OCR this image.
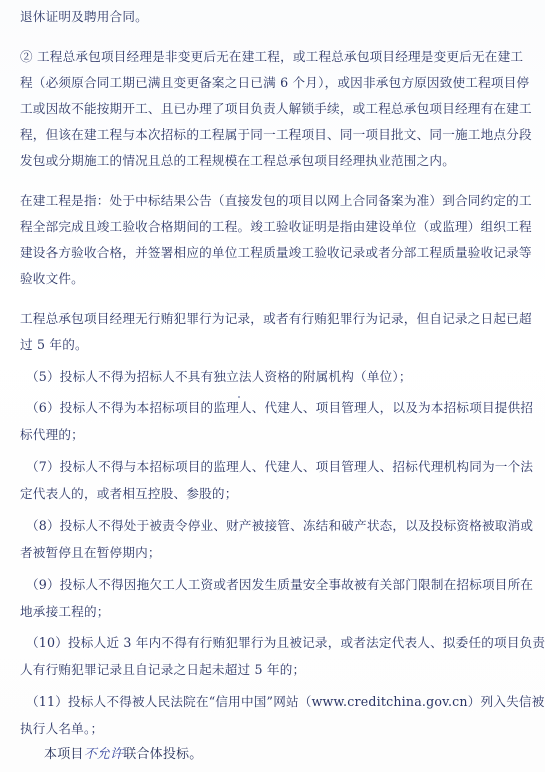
退休证明及聘用合同。
② 工程总承包项目经理是非变更后无在建工程，或工程总承包项目经理是变更后无在建工
程（必须原合同工期已满且变更备案之日已满 6 个月），或因非承包方原因致使工程项目停
工或因故不能按期开工、且已办理了项目负责人解锁手续，或工程总承包项目经理有在建工
程，但该在建工程与本次招标的工程属于同一工程项目、同一项目批文、同一施工地点分段
发包或分期施工的情况且总的工程规模在工程总承包项目经理执业范围之内。
在建工程是指：处于中标结果公告（直接发包的项目以网上合同备案为准）到合同约定的工
程全部完成且竣工验收合格期间的工程。竣工验收证明是指由建设单位（或监理）组织工程
建设各方验收合格，并签署相应的单位工程质量竣工验收记录或者分部工程质量验收记录等
验收文件。
工程总承包项目经理无行贿犯罪行为记录，或者有行贿犯罪行为记录，但自记录之日起已超
过 5 年的。
（5）投标人不得为招标人不具有独立法人资格的附属机构（单位）；
（6）投标人不得为本招标项目的监理人、代建人、项目管理人，以及为本招标项目提供招
标代理的；
（7）投标人不得与本招标项目的监理人、代建人、项目管理人、招标代理机构同为一个法
定代表人的，或者相互控股、参股的；
（8）投标人不得处于被责令停业、财产被接管、冻结和破产状态，以及投标资格被取消或
者被暂停且在暂停期内；
（9）投标人不得因拖欠工人工资或者因发生质量安全事故被有关部门限制在招标项目所在
地承接工程的；
（10）投标人近 3 年内不得有行贿犯罪行为且被记录，或者法定代表人、拟委任的项目负责
人有行贿犯罪记录且自记录之日起未超过 5 年的；
（11）投标人不得被人民法院在“信用中国”网站（www.creditchina.gov.cn）列入失信被
执行人名单。；
本项目不允许联合体投标。
